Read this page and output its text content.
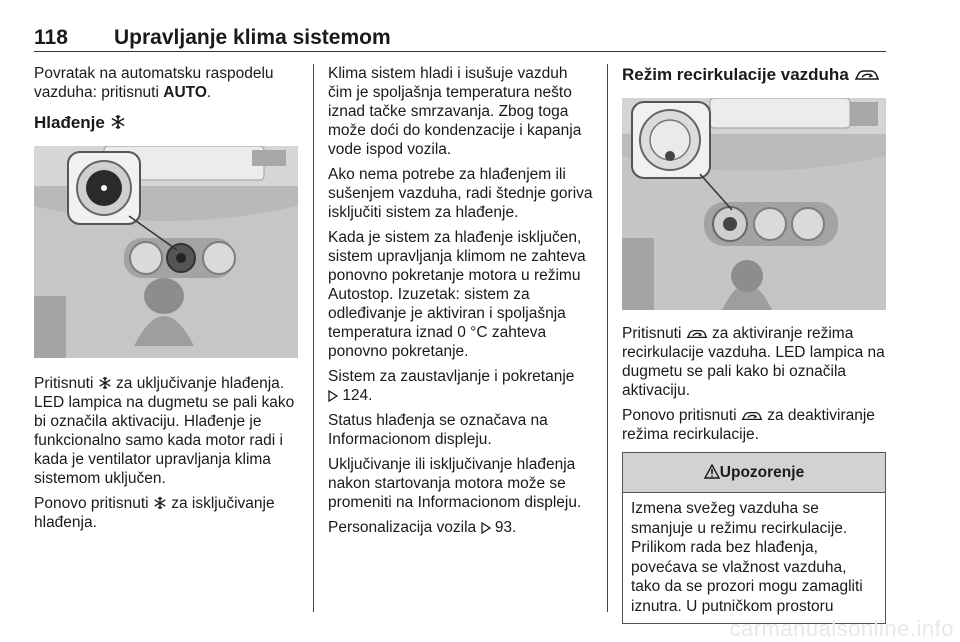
118 Upravljanje klima sistemom

Povratak na automatsku raspodelu vazduha: pritisnuti AUTO.

Hlađenje

Pritisnuti  za uključivanje hlađenja. LED lampica na dugmetu se pali kako bi označila aktivaciju. Hlađenje je funkcionalno samo kada motor radi i kada je ventilator upravljanja klima sistemom uključen.

Ponovo pritisnuti  za isključivanje hlađenja.

Klima sistem hladi i isušuje vazduh čim je spoljašnja temperatura nešto iznad tačke smrzavanja. Zbog toga može doći do kondenzacije i kapanja vode ispod vozila.

Ako nema potrebe za hlađenjem ili sušenjem vazduha, radi štednje goriva isključiti sistem za hlađenje.

Kada je sistem za hlađenje isključen, sistem upravljanja klimom ne zahteva ponovno pokretanje motora u režimu Autostop. Izuzetak: sistem za odleđivanje je aktiviran i spoljašnja temperatura iznad 0 °C zahteva ponovno pokretanje.

Sistem za zaustavljanje i pokretanje
124.

Status hlađenja se označava na Informacionom displeju.

Uključivanje ili isključivanje hlađenja nakon startovanja motora može se promeniti na Informacionom displeju.

Personalizacija vozila 93.

Režim recirkulacije vazduha

Pritisnuti  za aktiviranje režima recirkulacije vazduha. LED lampica na dugmetu se pali kako bi označila aktivaciju.

Ponovo pritisnuti  za deaktiviranje režima recirkulacije.

Upozorenje
Izmena svežeg vazduha se smanjuje u režimu recirkulacije. Prilikom rada bez hlađenja, povećava se vlažnost vazduha, tako da se prozori mogu zamagliti iznutra. U putničkom prostoru
carmanualsonline.info
